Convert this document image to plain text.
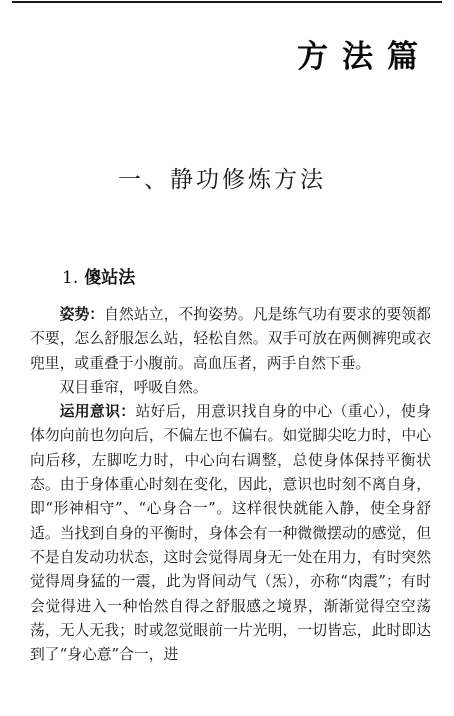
方法篇
一、静功修炼方法
1. 傻站法

姿势：自然站立，不拘姿势。凡是练气功有要求的要领都不要，怎么舒服怎么站，轻松自然。双手可放在两侧裤兜或衣兜里，或重叠于小腹前。高血压者，两手自然下垂。

双目垂帘，呼吸自然。

运用意识：站好后，用意识找自身的中心（重心），使身体勿向前也勿向后，不偏左也不偏右。如觉脚尖吃力时，中心向后移，左脚吃力时，中心向右调整，总使身体保持平衡状态。由于身体重心时刻在变化，因此，意识也时刻不离自身，即“形神相守”、“心身合一”。这样很快就能入静，使全身舒适。当找到自身的平衡时，身体会有一种微微摆动的感觉，但不是自发动功状态，这时会觉得周身无一处在用力，有时突然觉得周身猛的一震，此为肾间动气（炁），亦称“肉震”；有时会觉得进入一种怡然自得之舒服感之境界，渐渐觉得空空荡荡，无人无我；时或忽觉眼前一片光明，一切皆忘，此时即达到了“身心意”合一，进
